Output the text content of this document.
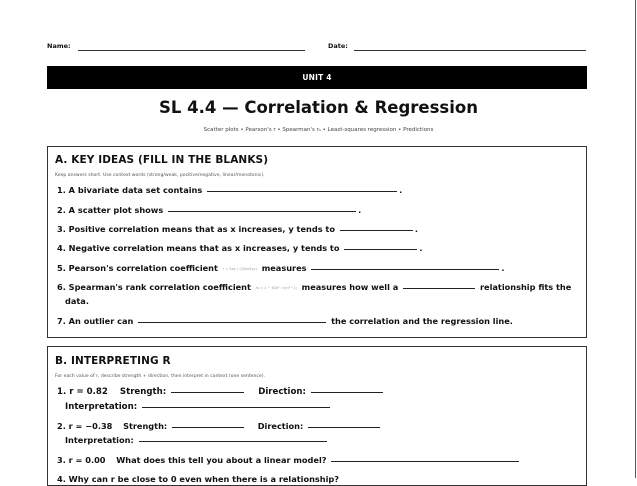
Name:	Date:
UNIT 4
SL 4.4 — Correlation & Regression
Scatter plots • Pearson's r • Spearman's rₛ • Least-squares regression • Predictions
A. KEY IDEAS (FILL IN THE BLANKS)
Keep answers short. Use context words (strong/weak, positive/negative, linear/monotonic).
1. A bivariate data set contains	.
2. A scatter plot shows	.
3. Positive correlation means that as x increases, y tends to	.
4. Negative correlation means that as x increases, y tends to	.
5. Pearson's correlation coefficient r = Sxy / √(SxxSyy) measures	.
6. Spearman's rank correlation coefficient rs = 1 − 6Σd² / n(n²−1) measures how well a	relationship fits the
data.
7. An outlier can	the correlation and the regression line.
B. INTERPRETING R
For each value of r, describe strength + direction, then interpret in context (one sentence).
1. r = 0.82 Strength:	Direction:
Interpretation:
2. r = −0.38 Strength:	Direction:
Interpretation:
3. r = 0.00 What does this tell you about a linear model?
4. Why can r be close to 0 even when there is a relationship?
